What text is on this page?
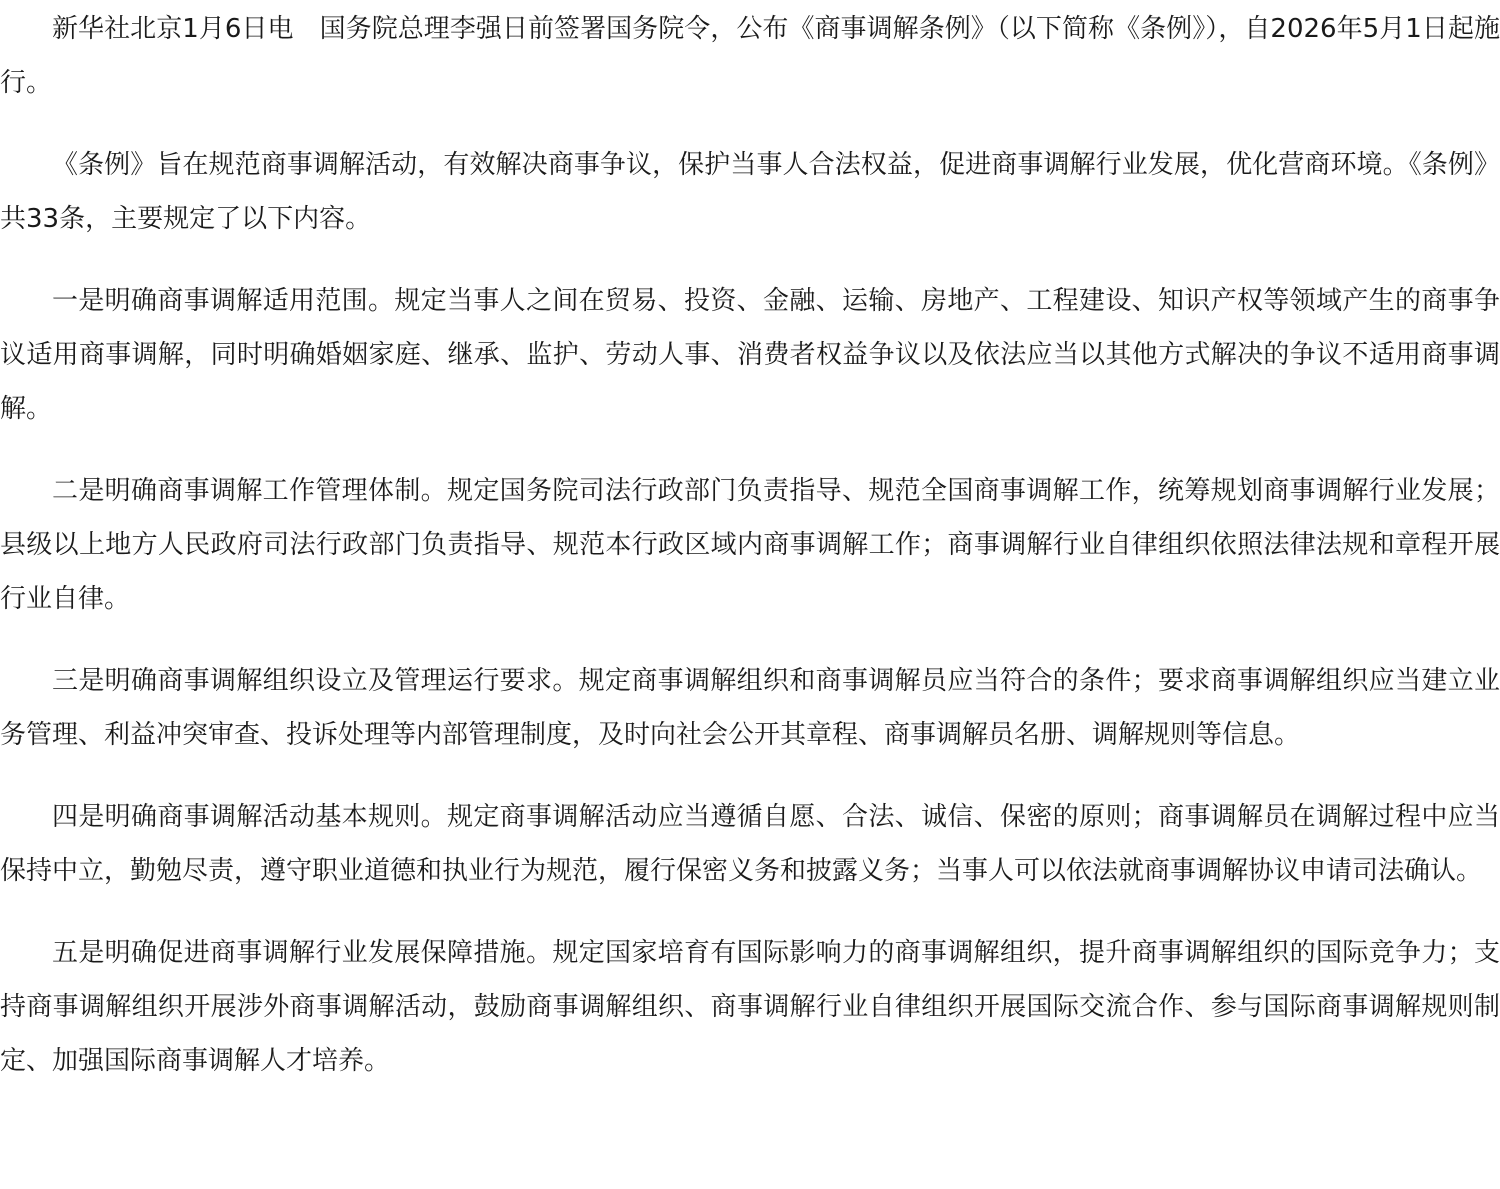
新华社北京1月6日电　国务院总理李强日前签署国务院令，公布《商事调解条例》（以下简称《条例》），自2026年5月1日起施行。

《条例》旨在规范商事调解活动，有效解决商事争议，保护当事人合法权益，促进商事调解行业发展，优化营商环境。《条例》共33条，主要规定了以下内容。

一是明确商事调解适用范围。规定当事人之间在贸易、投资、金融、运输、房地产、工程建设、知识产权等领域产生的商事争议适用商事调解，同时明确婚姻家庭、继承、监护、劳动人事、消费者权益争议以及依法应当以其他方式解决的争议不适用商事调解。

二是明确商事调解工作管理体制。规定国务院司法行政部门负责指导、规范全国商事调解工作，统筹规划商事调解行业发展；县级以上地方人民政府司法行政部门负责指导、规范本行政区域内商事调解工作；商事调解行业自律组织依照法律法规和章程开展行业自律。

三是明确商事调解组织设立及管理运行要求。规定商事调解组织和商事调解员应当符合的条件；要求商事调解组织应当建立业务管理、利益冲突审查、投诉处理等内部管理制度，及时向社会公开其章程、商事调解员名册、调解规则等信息。

四是明确商事调解活动基本规则。规定商事调解活动应当遵循自愿、合法、诚信、保密的原则；商事调解员在调解过程中应当保持中立，勤勉尽责，遵守职业道德和执业行为规范，履行保密义务和披露义务；当事人可以依法就商事调解协议申请司法确认。

五是明确促进商事调解行业发展保障措施。规定国家培育有国际影响力的商事调解组织，提升商事调解组织的国际竞争力；支持商事调解组织开展涉外商事调解活动，鼓励商事调解组织、商事调解行业自律组织开展国际交流合作、参与国际商事调解规则制定、加强国际商事调解人才培养。
